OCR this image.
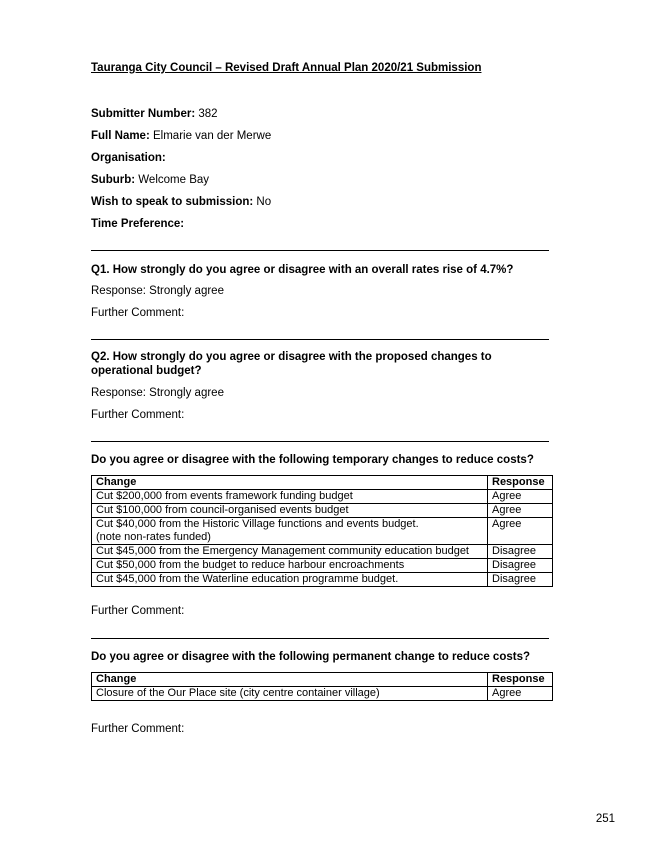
Tauranga City Council – Revised Draft Annual Plan 2020/21 Submission
Submitter Number: 382
Full Name: Elmarie van der Merwe
Organisation:
Suburb: Welcome Bay
Wish to speak to submission: No
Time Preference:
Q1. How strongly do you agree or disagree with an overall rates rise of 4.7%?
Response: Strongly agree
Further Comment:
Q2. How strongly do you agree or disagree with the proposed changes to operational budget?
Response: Strongly agree
Further Comment:
Do you agree or disagree with the following temporary changes to reduce costs?
Change	Response
Cut $200,000 from events framework funding budget	Agree
Cut $100,000 from council-organised events budget	Agree

Cut $40,000 from the Historic Village functions and events budget.
(note non-rates funded)	Agree
Cut $45,000 from the Emergency Management community education budget	Disagree
Cut $50,000 from the budget to reduce harbour encroachments	Disagree
Cut $45,000 from the Waterline education programme budget.	Disagree
Further Comment:
Do you agree or disagree with the following permanent change to reduce costs?
Change	Response
Closure of the Our Place site (city centre container village)	Agree
Further Comment:
251
